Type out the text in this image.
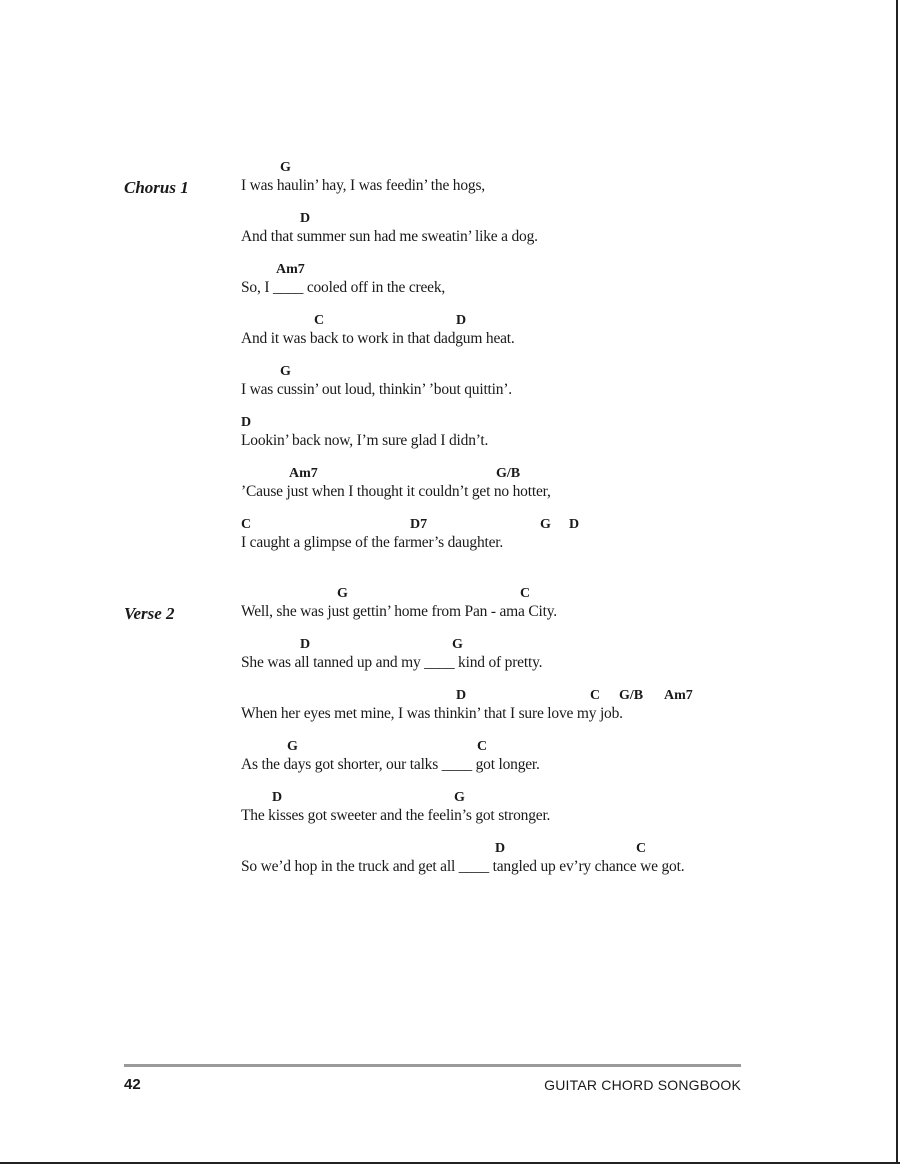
Chorus 1
G
I was haulin’ hay, I was feedin’ the hogs,
D
And that summer sun had me sweatin’ like a dog.
Am7
So, I ____ cooled off in the creek,
C	D
And it was back to work in that dadgum heat.
G
I was cussin’ out loud, thinkin’ ’bout quittin’.
D
Lookin’ back now, I’m sure glad I didn’t.
Am7	G/B
’Cause just when I thought it couldn’t get no hotter,
C	D7	G D
I caught a glimpse of the farmer’s daughter.
Verse 2
G	C
Well, she was just gettin’ home from Pan - ama City.
D	G
She was all tanned up and my ____ kind of pretty.
D	C G/B Am7
When her eyes met mine, I was thinkin’ that I sure love my job.
G	C
As the days got shorter, our talks ____ got longer.
D	G
The kisses got sweeter and the feelin’s got stronger.
D	C
So we’d hop in the truck and get all ____ tangled up ev’ry chance we got.
42	GUITAR CHORD SONGBOOK
